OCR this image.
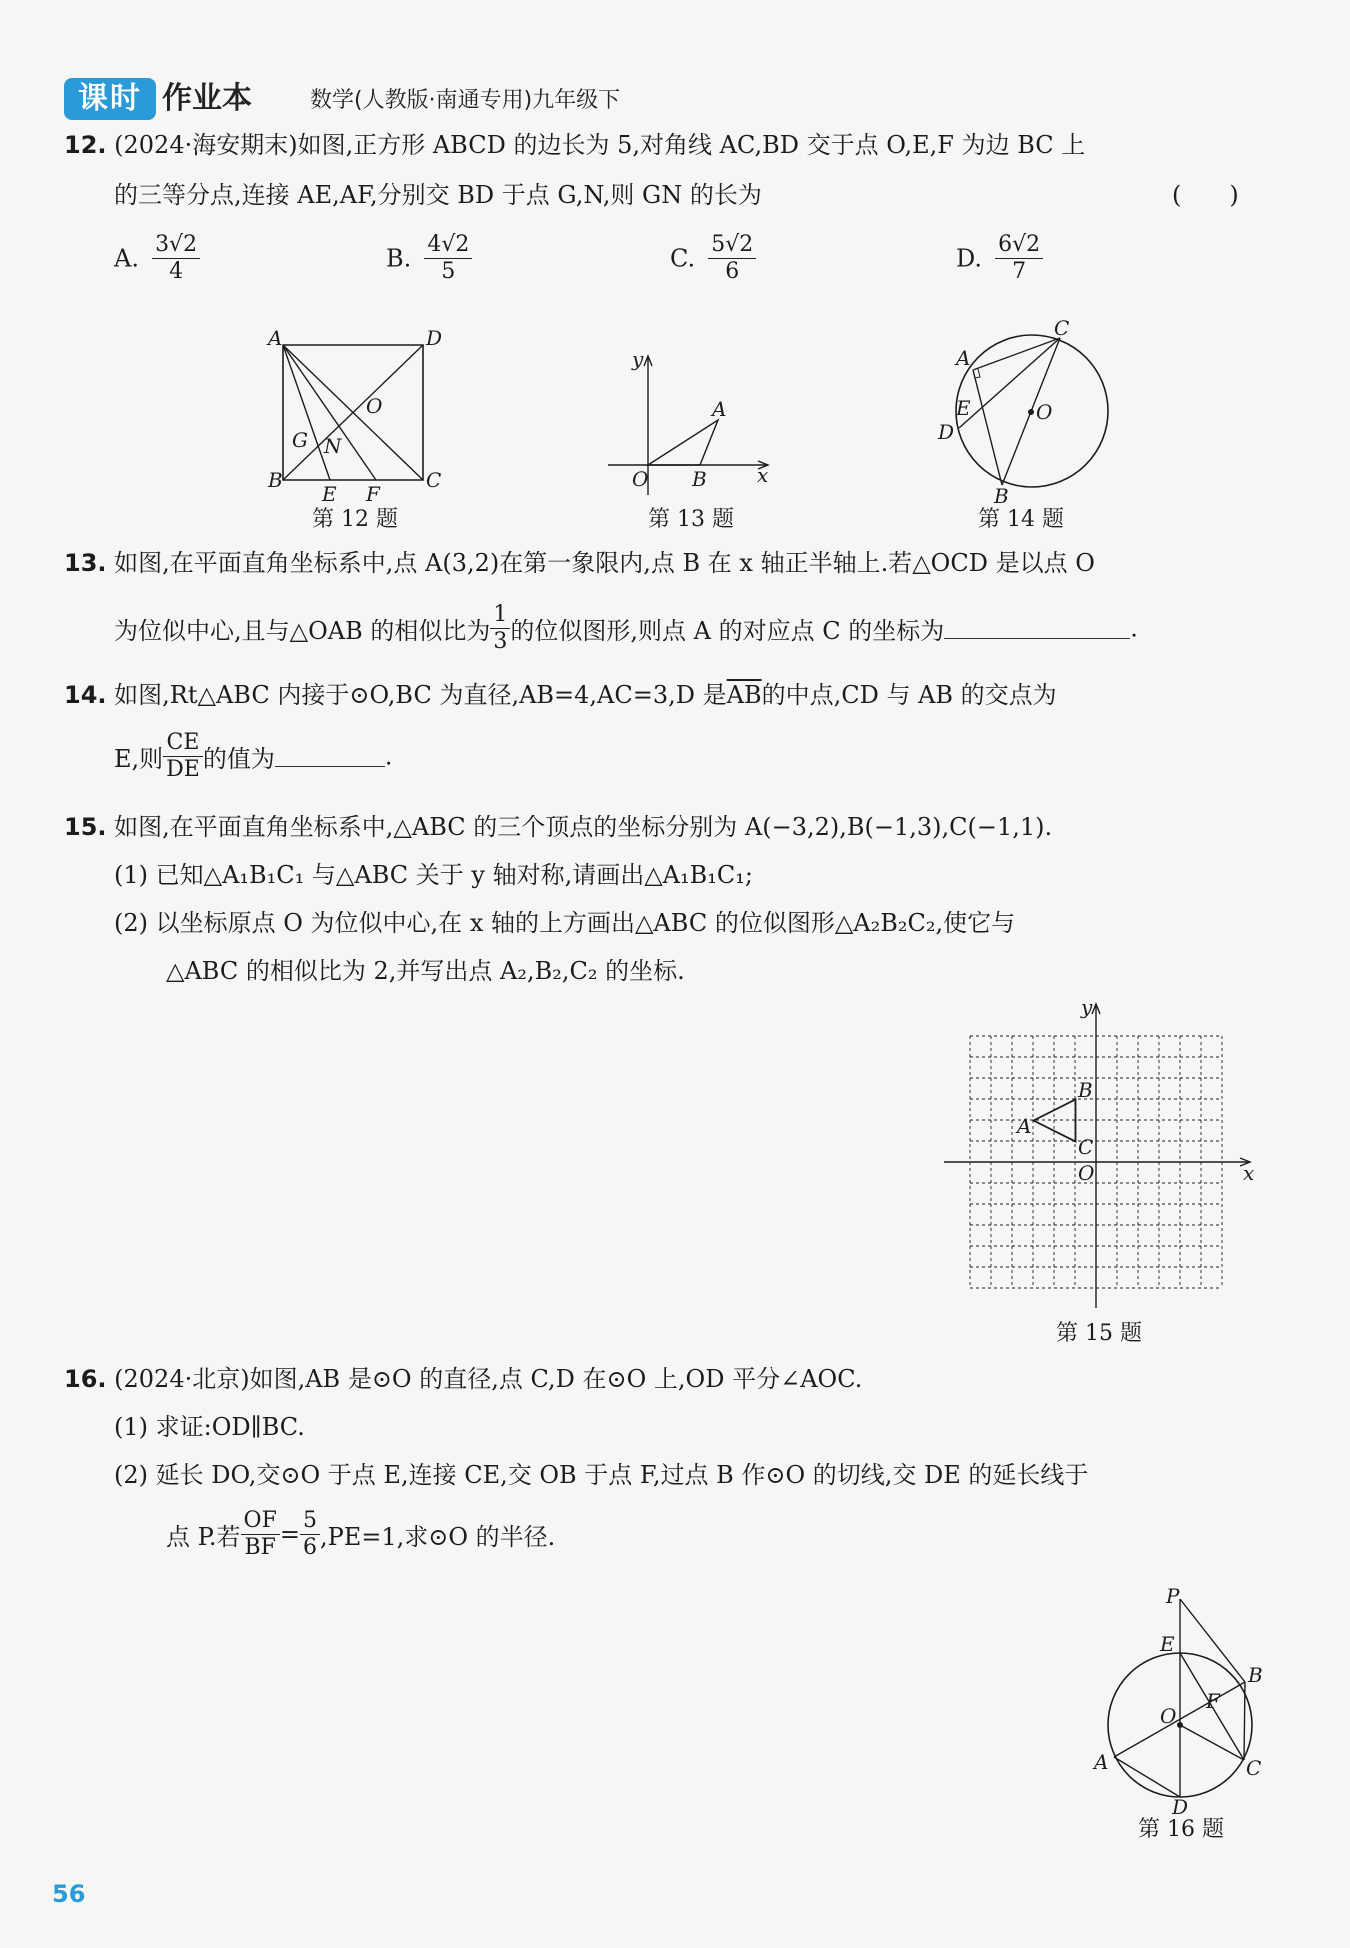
课时 作业本	数学(人教版·南通专用)九年级下
12. (2024·海安期末)如图,正方形 ABCD 的边长为 5,对角线 AC,BD 交于点 O,E,F 为边 BC 上
的三等分点,连接 AE,AF,分别交 BD 于点 G,N,则 GN 的长为	(　　)
A. $\frac{3√2}{4}$	B. $\frac{4√2}{5}$	C. $\frac{5√2}{6}$	D. $\frac{6√2}{7}$
A	D
B	C
O
G N
E F
第 12 题
y
x
O
A
B
第 13 题
A
C
E	O
D
B
第 14 题
13. 如图,在平面直角坐标系中,点 A(3,2)在第一象限内,点 B 在 x 轴正半轴上.若△OCD 是以点 O
为位似中心,且与△OAB 的相似比为 $\frac{1}{3}$ 的位似图形,则点 A 的对应点 C 的坐标为	.
14. 如图,Rt△ABC 内接于⊙O,BC 为直径,AB=4,AC=3,D 是$\overline{AB}$的中点,CD 与 AB 的交点为
E,则 $\frac{CE}{DE}$ 的值为	.
15. 如图,在平面直角坐标系中,△ABC 的三个顶点的坐标分别为 A(−3,2),B(−1,3),C(−1,1).
(1) 已知△A₁B₁C₁ 与△ABC 关于 y 轴对称,请画出△A₁B₁C₁;
(2) 以坐标原点 O 为位似中心,在 x 轴的上方画出△ABC 的位似图形△A₂B₂C₂,使它与
△ABC 的相似比为 2,并写出点 A₂,B₂,C₂ 的坐标.
y
x
O
A
B
C
第 15 题
16. (2024·北京)如图,AB 是⊙O 的直径,点 C,D 在⊙O 上,OD 平分∠AOC.
(1) 求证:OD∥BC.
(2) 延长 DO,交⊙O 于点 E,连接 CE,交 OB 于点 F,过点 B 作⊙O 的切线,交 DE 的延长线于
点 P.若 $\frac{OF}{BF} = \frac{5}{6} ,PE=1$,求⊙O 的半径.
P
E
B
F
O
A	C
D
第 16 题
56
